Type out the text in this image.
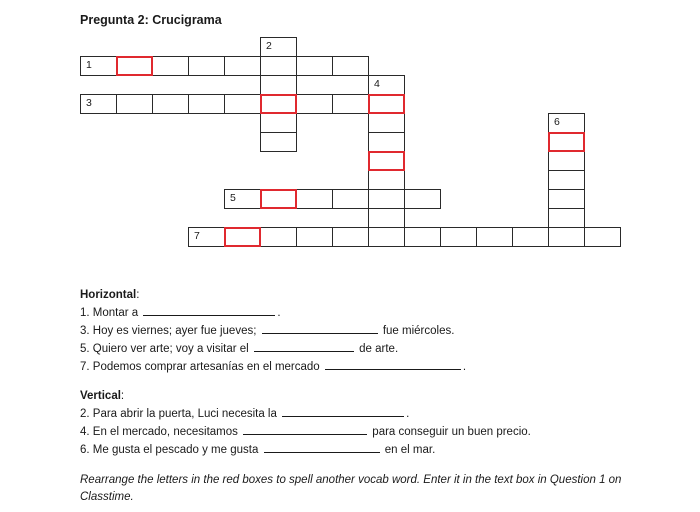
Pregunta 2: Crucigrama
1
2
3
4
5
6
7
Horizontal:
1. Montar a	.
3. Hoy es viernes; ayer fue jueves;	fue miércoles.
5. Quiero ver arte; voy a visitar el	de arte.
7. Podemos comprar artesanías en el mercado	.
Vertical:
2. Para abrir la puerta, Luci necesita la	.
4. En el mercado, necesitamos	para conseguir un buen precio.
6. Me gusta el pescado y me gusta	en el mar.
Rearrange the letters in the red boxes to spell another vocab word. Enter it in the text box in Question 1 on Classtime.
